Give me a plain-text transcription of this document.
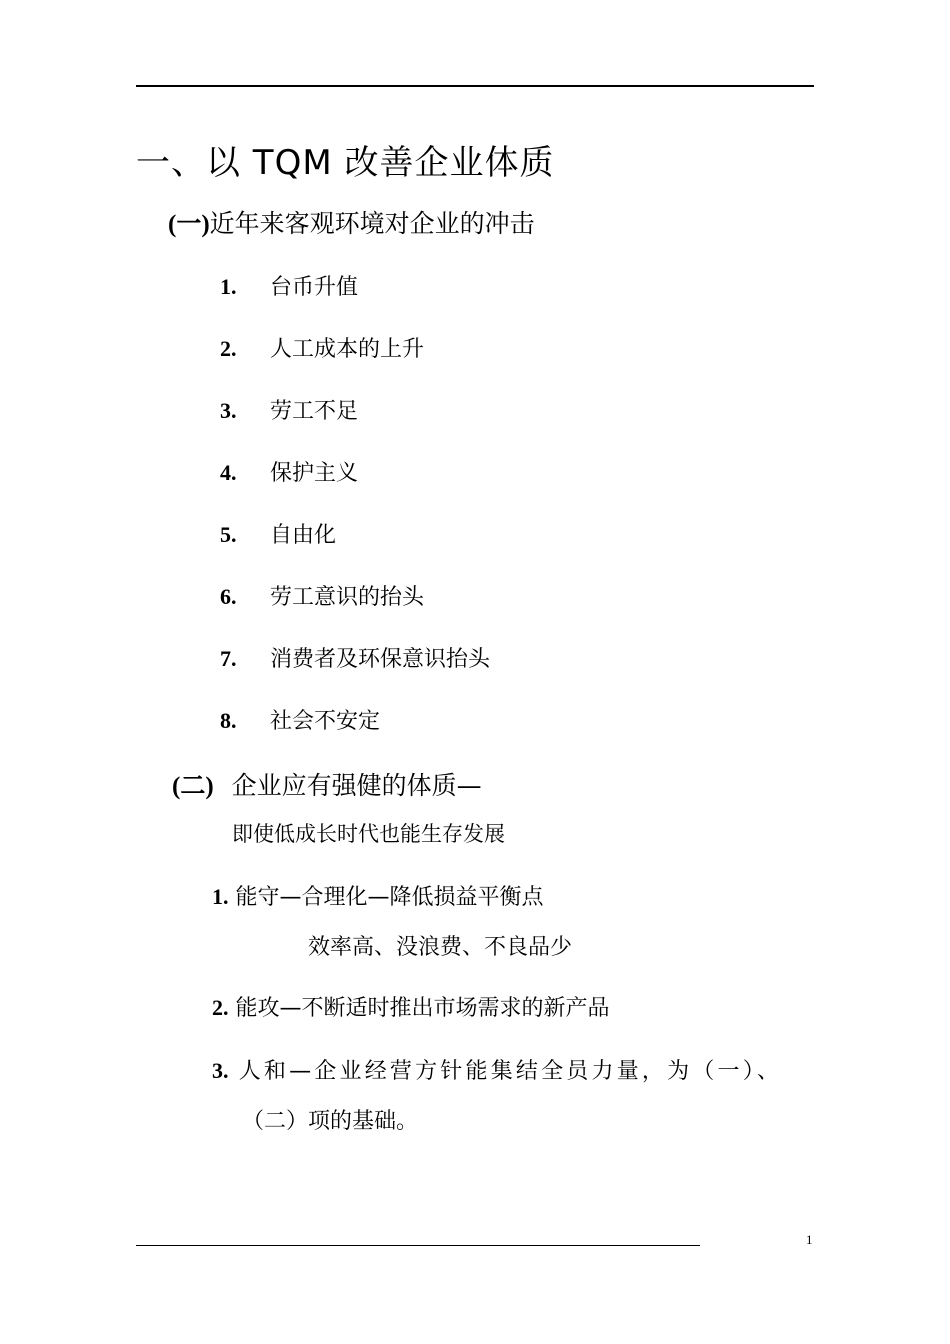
一、以 TQM 改善企业体质
(一)近年来客观环境对企业的冲击
1. 台币升值
2. 人工成本的上升
3. 劳工不足
4. 保护主义
5. 自由化
6. 劳工意识的抬头
7. 消费者及环保意识抬头
8. 社会不安定
(二) 企业应有强健的体质—
即使低成长时代也能生存发展
1. 能守—合理化—降低损益平衡点
效率高、没浪费、不良品少
2. 能攻—不断适时推出市场需求的新产品
3. 人和—企业经营方针能集结全员力量，为（一）、
（二）项的基础。
1
